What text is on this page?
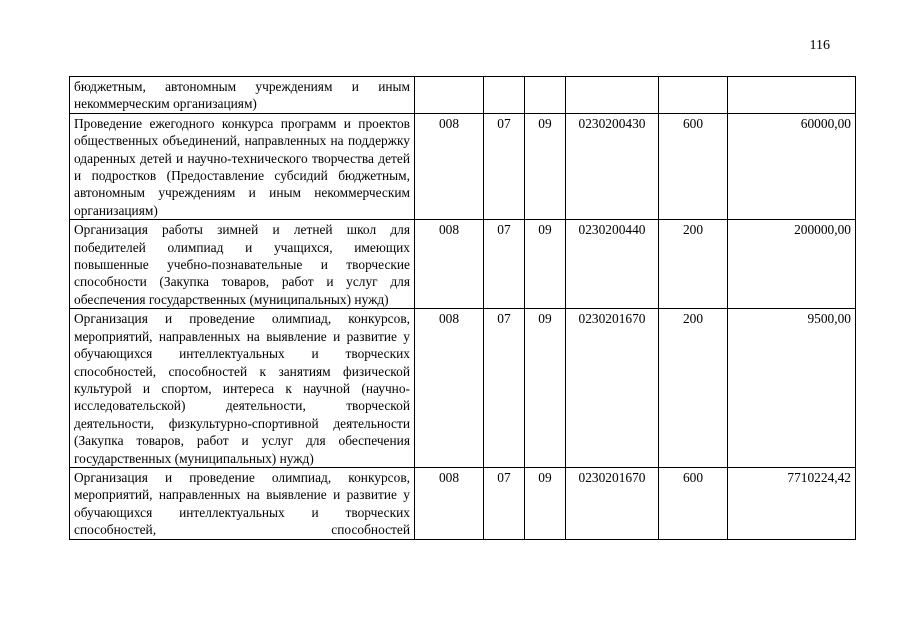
116
бюджетным, автономным учреждениям и иным некоммерческим организациям)						
Проведение ежегодного конкурса программ и проектов общественных объединений, направленных на поддержку одаренных детей и научно-технического творчества детей и подростков (Предоставление субсидий бюджетным, автономным учреждениям и иным некоммерческим организациям)	008	07	09	0230200430	600	60000,00
Организация работы зимней и летней школ для победителей олимпиад и учащихся, имеющих повышенные учебно-познавательные и творческие способности (Закупка товаров, работ и услуг для обеспечения государственных (муниципальных) нужд)	008	07	09	0230200440	200	200000,00
Организация и проведение олимпиад, конкурсов, мероприятий, направленных на выявление и развитие у обучающихся интеллектуальных и творческих способностей, способностей к занятиям физической культурой и спортом, интереса к научной (научно-исследовательской) деятельности, творческой деятельности, физкультурно-спортивной деятельности (Закупка товаров, работ и услуг для обеспечения государственных (муниципальных) нужд)	008	07	09	0230201670	200	9500,00
Организация и проведение олимпиад, конкурсов, мероприятий, направленных на выявление и развитие у обучающихся интеллектуальных и творческих способностей, способностей	008	07	09	0230201670	600	7710224,42
